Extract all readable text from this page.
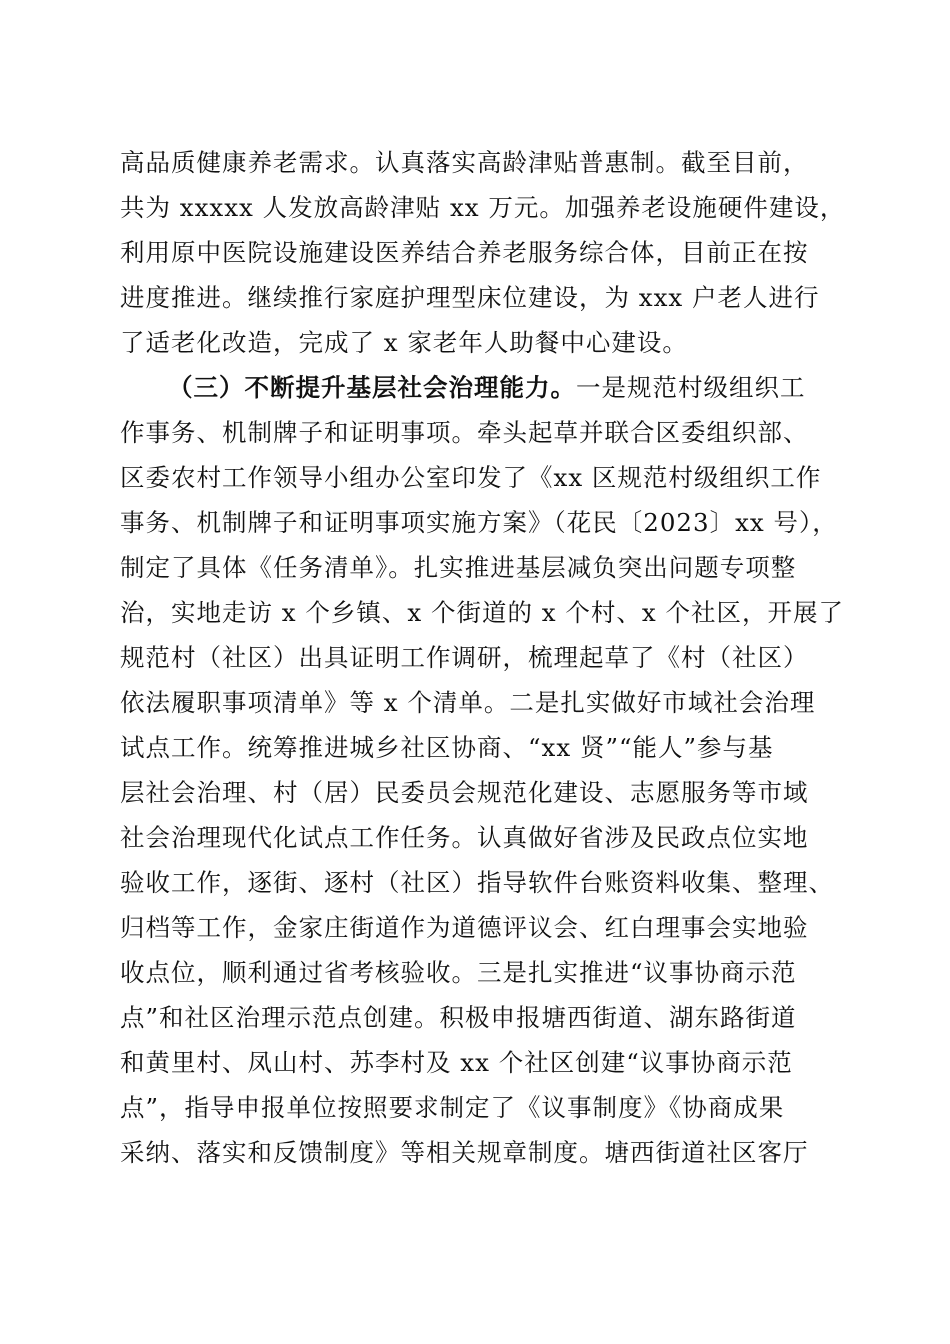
高品质健康养老需求。认真落实高龄津贴普惠制。截至目前，
共为 xxxxx 人发放高龄津贴 xx 万元。加强养老设施硬件建设，
利用原中医院设施建设医养结合养老服务综合体，目前正在按
进度推进。继续推行家庭护理型床位建设，为 xxx 户老人进行
了适老化改造，完成了 x 家老年人助餐中心建设。
（三）不断提升基层社会治理能力。一是规范村级组织工
作事务、机制牌子和证明事项。牵头起草并联合区委组织部、
区委农村工作领导小组办公室印发了《xx 区规范村级组织工作
事务、机制牌子和证明事项实施方案》（花民〔2023〕xx 号），
制定了具体《任务清单》。扎实推进基层减负突出问题专项整
治，实地走访 x 个乡镇、x 个街道的 x 个村、x 个社区，开展了
规范村（社区）出具证明工作调研，梳理起草了《村（社区）
依法履职事项清单》等 x 个清单。二是扎实做好市域社会治理
试点工作。统筹推进城乡社区协商、“xx 贤”“能人”参与基
层社会治理、村（居）民委员会规范化建设、志愿服务等市域
社会治理现代化试点工作任务。认真做好省涉及民政点位实地
验收工作，逐街、逐村（社区）指导软件台账资料收集、整理、
归档等工作，金家庄街道作为道德评议会、红白理事会实地验
收点位，顺利通过省考核验收。三是扎实推进“议事协商示范
点”和社区治理示范点创建。积极申报塘西街道、湖东路街道
和黄里村、凤山村、苏李村及 xx 个社区创建“议事协商示范
点”，指导申报单位按照要求制定了《议事制度》《协商成果
采纳、落实和反馈制度》等相关规章制度。塘西街道社区客厅
